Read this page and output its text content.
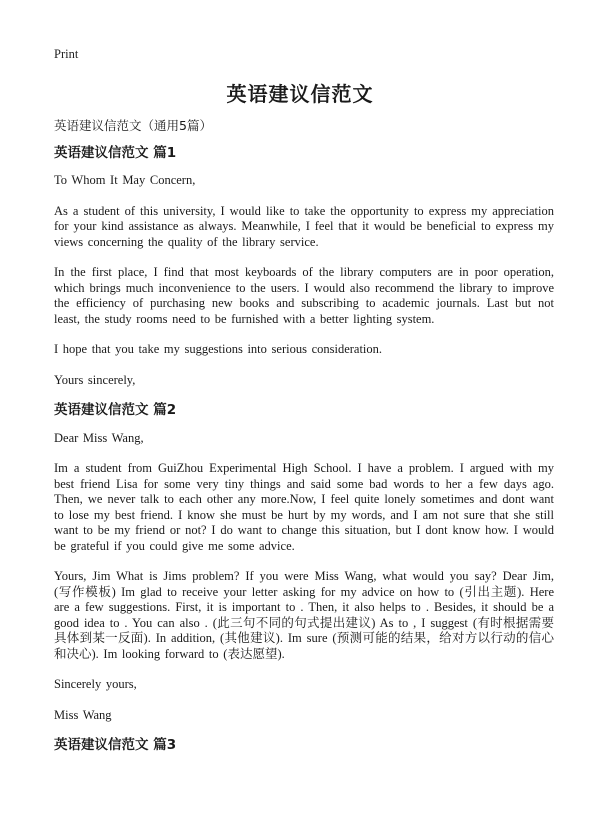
Print
英语建议信范文
英语建议信范文（通用5篇）
英语建议信范文 篇1

To Whom It May Concern,

As a student of this university, I would like to take the opportunity to express my appreciation for your kind assistance as always. Meanwhile, I feel that it would be beneficial to express my views concerning the quality of the library service.

In the first place, I find that most keyboards of the library computers are in poor operation, which brings much inconvenience to the users. I would also recommend the library to improve the efficiency of purchasing new books and subscribing to academic journals. Last but not least, the study rooms need to be furnished with a better lighting system.

I hope that you take my suggestions into serious consideration.

Yours sincerely,

英语建议信范文 篇2

Dear Miss Wang,

Im a student from GuiZhou Experimental High School. I have a problem. I argued with my best friend Lisa for some very tiny things and said some bad words to her a few days ago. Then, we never talk to each other any more.Now, I feel quite lonely sometimes and dont want to lose my best friend. I know she must be hurt by my words, and I am not sure that she still want to be my friend or not? I do want to change this situation, but I dont know how. I would be grateful if you could give me some advice.

Yours, Jim What is Jims problem? If you were Miss Wang, what would you say? Dear Jim, (写作模板) Im glad to receive your letter asking for my advice on how to (引出主题). Here are a few suggestions. First, it is important to . Then, it also helps to . Besides, it should be a good idea to . You can also . (此三句不同的句式提出建议) As to , I suggest (有时根据需要具体到某一反面). In addition, (其他建议). Im sure (预测可能的结果，给对方以行动的信心和决心). Im looking forward to (表达愿望).

Sincerely yours,

Miss Wang

英语建议信范文 篇3
